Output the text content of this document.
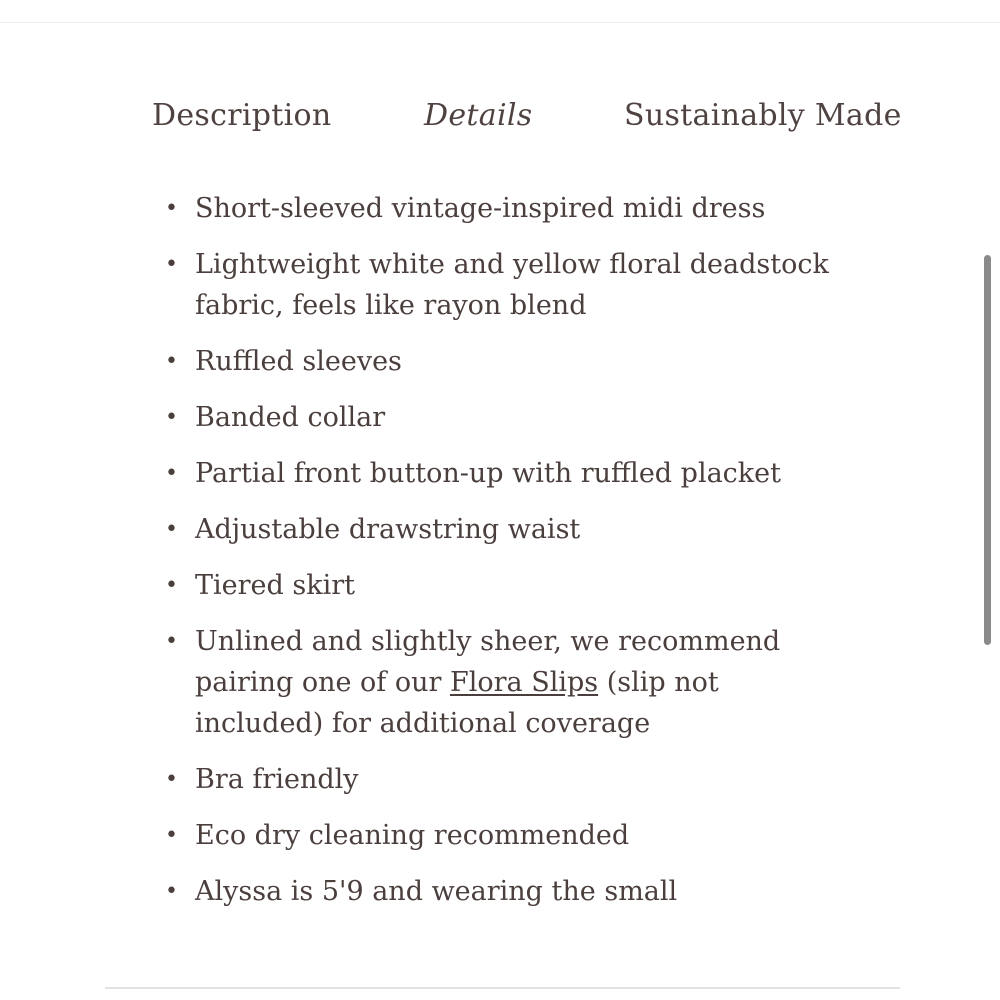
Description	Details	Sustainably Made
• Short-sleeved vintage-inspired midi dress
• Lightweight white and yellow floral deadstock fabric, feels like rayon blend
• Ruffled sleeves
• Banded collar
• Partial front button-up with ruffled placket
• Adjustable drawstring waist
• Tiered skirt
• Unlined and slightly sheer, we recommend pairing one of our Flora Slips (slip not included) for additional coverage
• Bra friendly
• Eco dry cleaning recommended
• Alyssa is 5'9 and wearing the small
